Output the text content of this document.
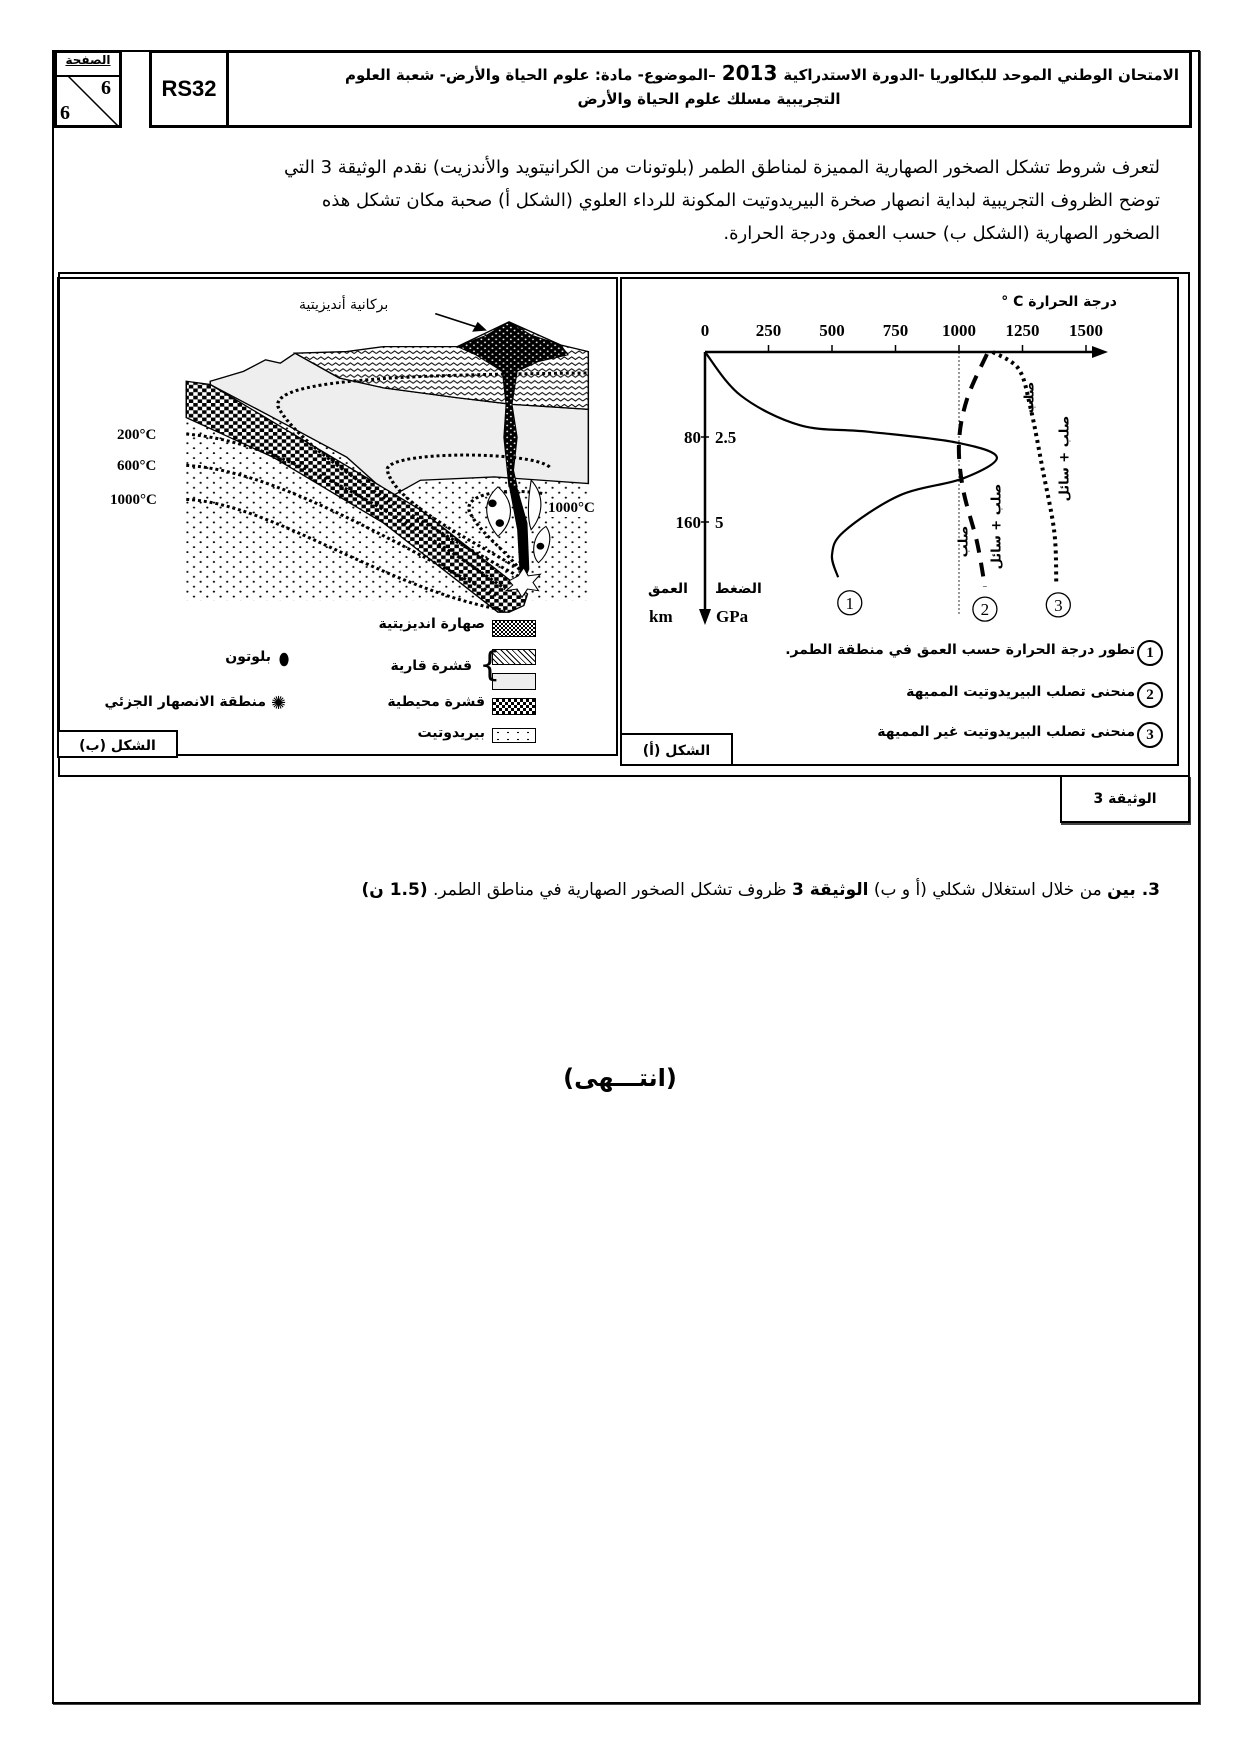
الصفحة
6
6
RS32
الامتحان الوطني الموحد للبكالوريا -الدورة الاستدراكية2013–الموضوع- مادة: علوم الحياة والأرض- شعبة العلوم
التجريبية مسلك علوم الحياة والأرض
لتعرف شروط تشكل الصخور الصهارية المميزة لمناطق الطمر (بلوتونات من الكرانيتويد والأندزيت) نقدم الوثيقة 3 التي
توضح الظروف التجريبية لبداية انصهار صخرة البيريدوتيت المكونة للرداء العلوي (الشكل أ) صحبة مكان تشكل هذه
الصخور الصهارية (الشكل ب) حسب العمق ودرجة الحرارة.
بركانية أنديزيتية
200°C
600°C
1000°C	1000°C
صهارة انديزيتية
{
قشرة قارية
قشرة محيطية
بيريدوتيت
⬮
بلوتون
✺
منطقة الانصهار الجزئي
الشكل (ب)
0	250 500 750 1000 1250 1500
80 2.5
160 5
1	2	3
درجة الحرارة C °
العمق
km
الضغط
GPa
صلب
صلب + سائل
صلب + سائل
صلب
تطور درجة الحرارة حسب العمق في منطقة الطمر. 1
منحنى تصلب البيريدوتيت المميهة 2
منحنى تصلب البيريدوتيت غير المميهة 3
الشكل (أ)
الوثيقة 3
3. بين من خلال استغلال شكلي (أ و ب) الوثيقة 3 ظروف تشكل الصخور الصهارية في مناطق الطمر. (1.5 ن)
(انتـــهى)
